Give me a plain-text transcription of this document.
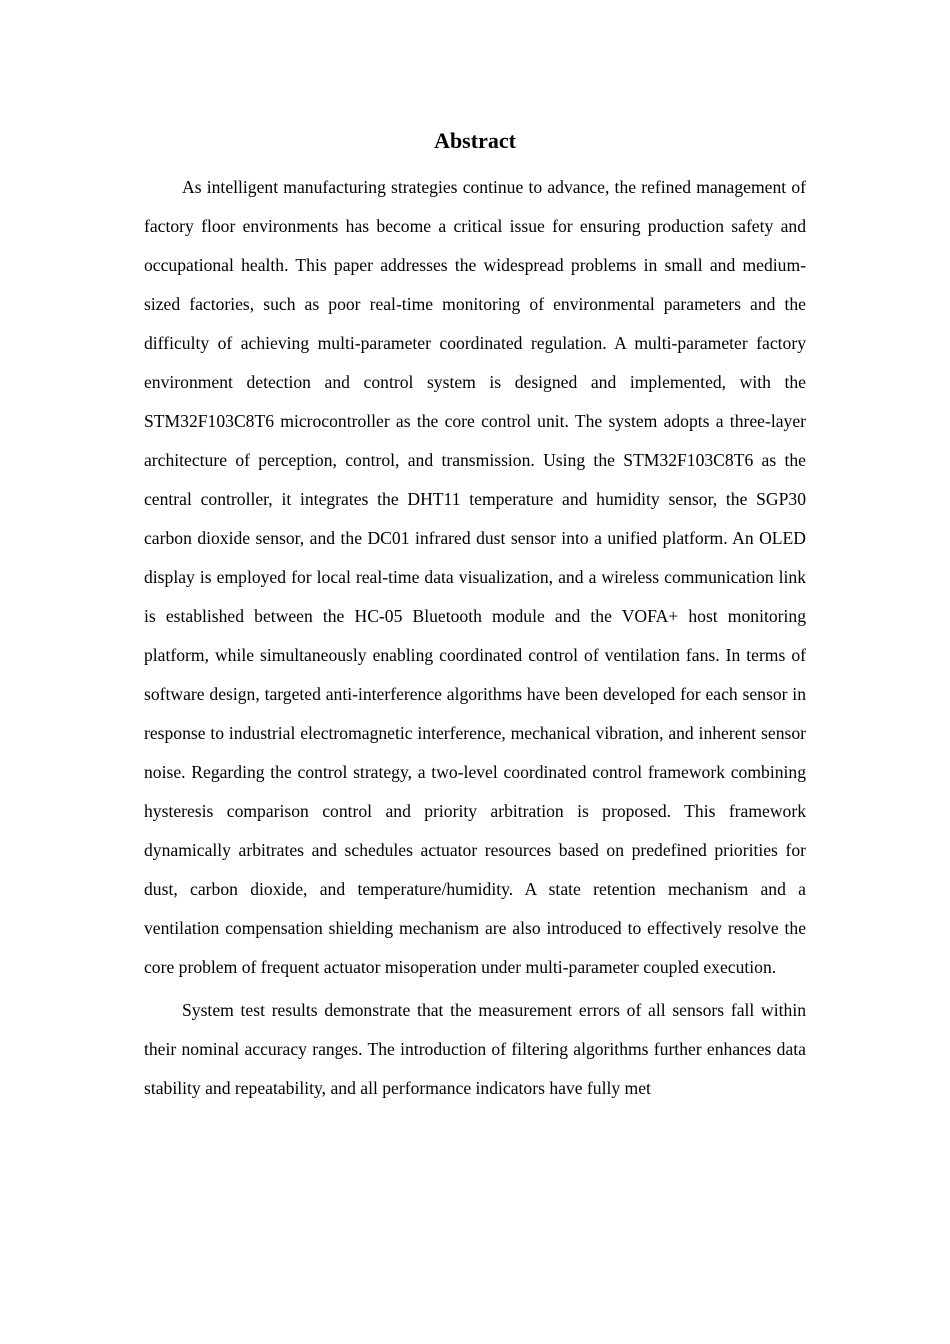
Abstract

As intelligent manufacturing strategies continue to advance, the refined management of factory floor environments has become a critical issue for ensuring production safety and occupational health. This paper addresses the widespread problems in small and medium-sized factories, such as poor real-time monitoring of environmental parameters and the difficulty of achieving multi-parameter coordinated regulation. A multi-parameter factory environment detection and control system is designed and implemented, with the STM32F103C8T6 microcontroller as the core control unit. The system adopts a three-layer architecture of perception, control, and transmission. Using the STM32F103C8T6 as the central controller, it integrates the DHT11 temperature and humidity sensor, the SGP30 carbon dioxide sensor, and the DC01 infrared dust sensor into a unified platform. An OLED display is employed for local real-time data visualization, and a wireless communication link is established between the HC-05 Bluetooth module and the VOFA+ host monitoring platform, while simultaneously enabling coordinated control of ventilation fans. In terms of software design, targeted anti-interference algorithms have been developed for each sensor in response to industrial electromagnetic interference, mechanical vibration, and inherent sensor noise. Regarding the control strategy, a two-level coordinated control framework combining hysteresis comparison control and priority arbitration is proposed. This framework dynamically arbitrates and schedules actuator resources based on predefined priorities for dust, carbon dioxide, and temperature/humidity. A state retention mechanism and a ventilation compensation shielding mechanism are also introduced to effectively resolve the core problem of frequent actuator misoperation under multi-parameter coupled execution.

System test results demonstrate that the measurement errors of all sensors fall within their nominal accuracy ranges. The introduction of filtering algorithms further enhances data stability and repeatability, and all performance indicators have fully met
